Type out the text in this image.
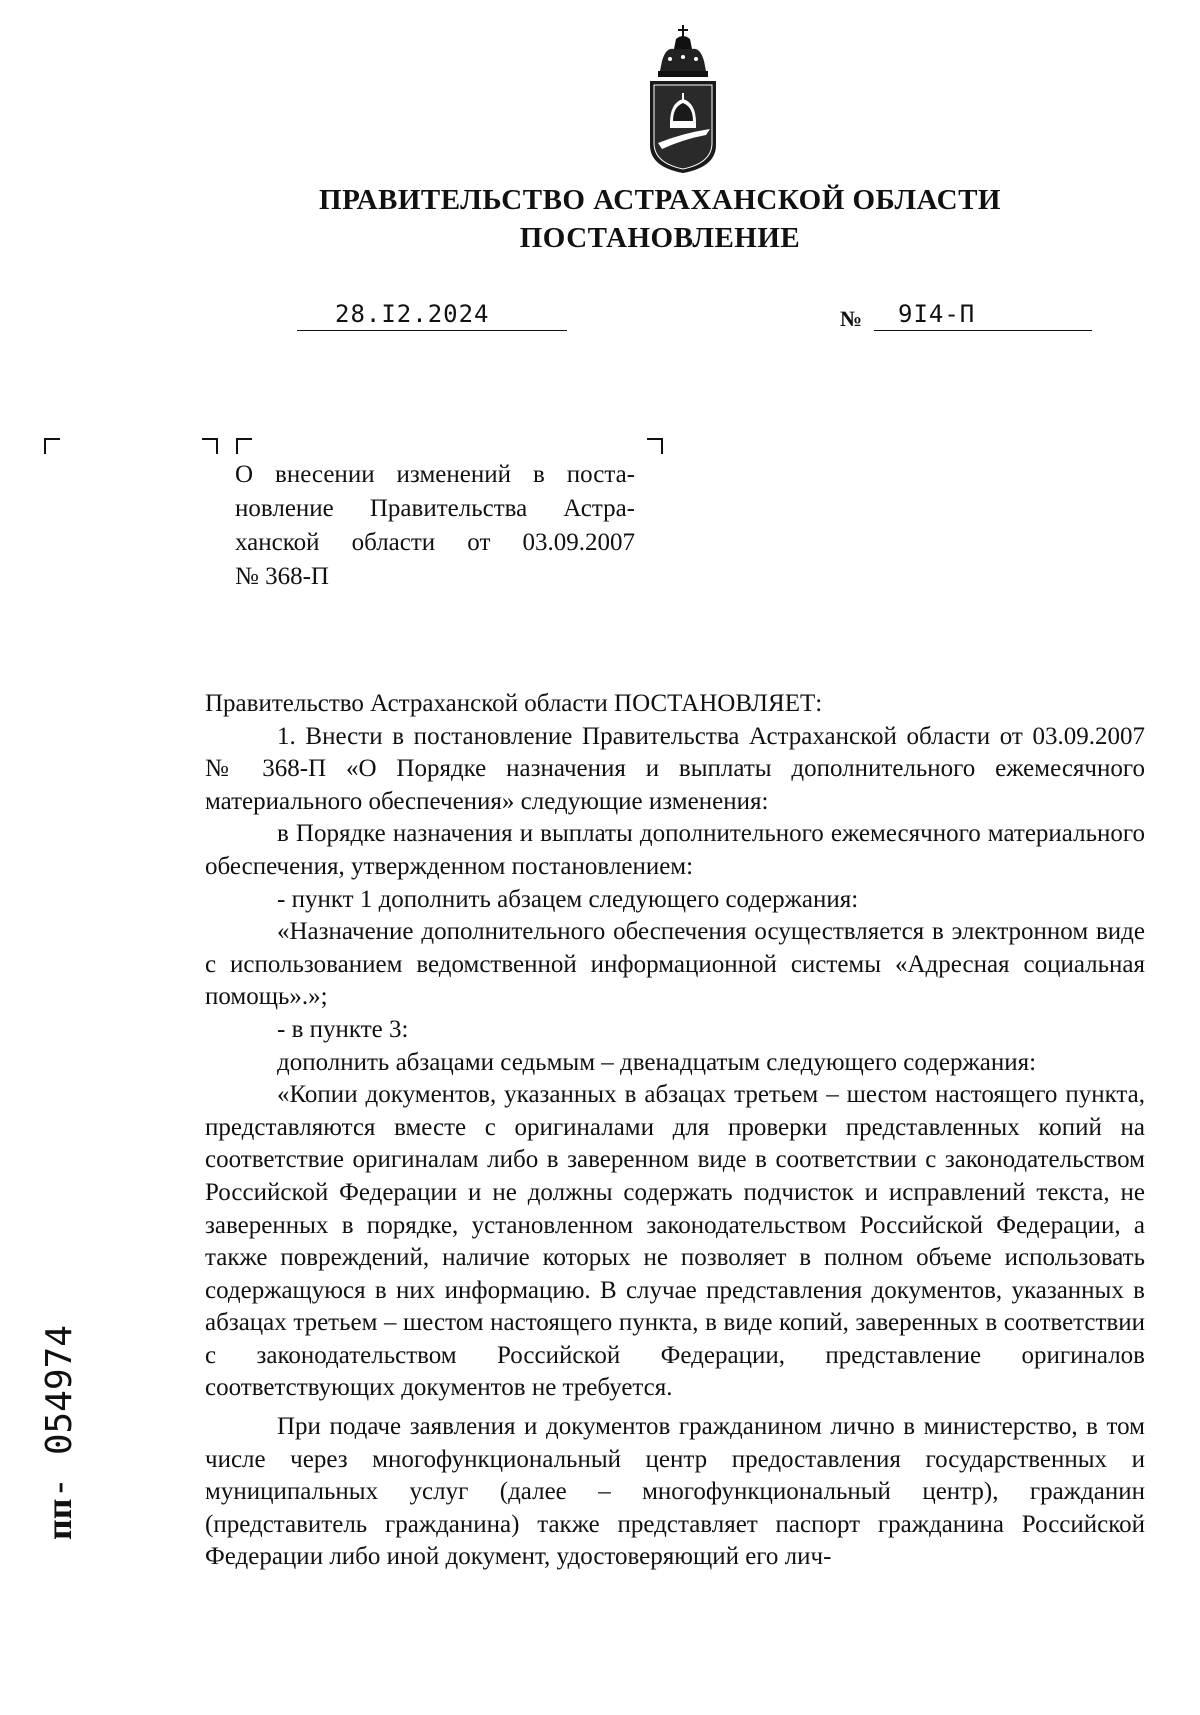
ПРАВИТЕЛЬСТВО АСТРАХАНСКОЙ ОБЛАСТИ
ПОСТАНОВЛЕНИЕ
28.I2.2024	№ 9I4-П
О внесении изменений в поста-
новление Правительства Астра-
ханской области от 03.09.2007
№ 368-П

Правительство Астраханской области ПОСТАНОВЛЯЕТ:

1. Внести в постановление Правительства Астраханской области от 03.09.2007 № 368-П «О Порядке назначения и выплаты дополнительного ежемесячного материального обеспечения» следующие изменения:

в Порядке назначения и выплаты дополнительного ежемесячного материального обеспечения, утвержденном постановлением:

- пункт 1 дополнить абзацем следующего содержания:

«Назначение дополнительного обеспечения осуществляется в электронном виде с использованием ведомственной информационной системы «Адресная социальная помощь».»;

- в пункте 3:

дополнить абзацами седьмым – двенадцатым следующего содержания:

«Копии документов, указанных в абзацах третьем – шестом настоящего пункта, представляются вместе с оригиналами для проверки представленных копий на соответствие оригиналам либо в заверенном виде в соответствии с законодательством Российской Федерации и не должны содержать подчисток и исправлений текста, не заверенных в порядке, установленном законодательством Российской Федерации, а также повреждений, наличие которых не позволяет в полном объеме использовать содержащуюся в них информацию. В случае представления документов, указанных в абзацах третьем – шестом настоящего пункта, в виде копий, заверенных в соответствии с законодательством Российской Федерации, представление оригиналов соответствующих документов не требуется.

При подаче заявления и документов гражданином лично в министерство, в том числе через многофункциональный центр предоставления государственных и муниципальных услуг (далее – многофункциональный центр), гражданин (представитель гражданина) также представляет паспорт гражданина Российской Федерации либо иной документ, удостоверяющий его лич-

пп- 054974
